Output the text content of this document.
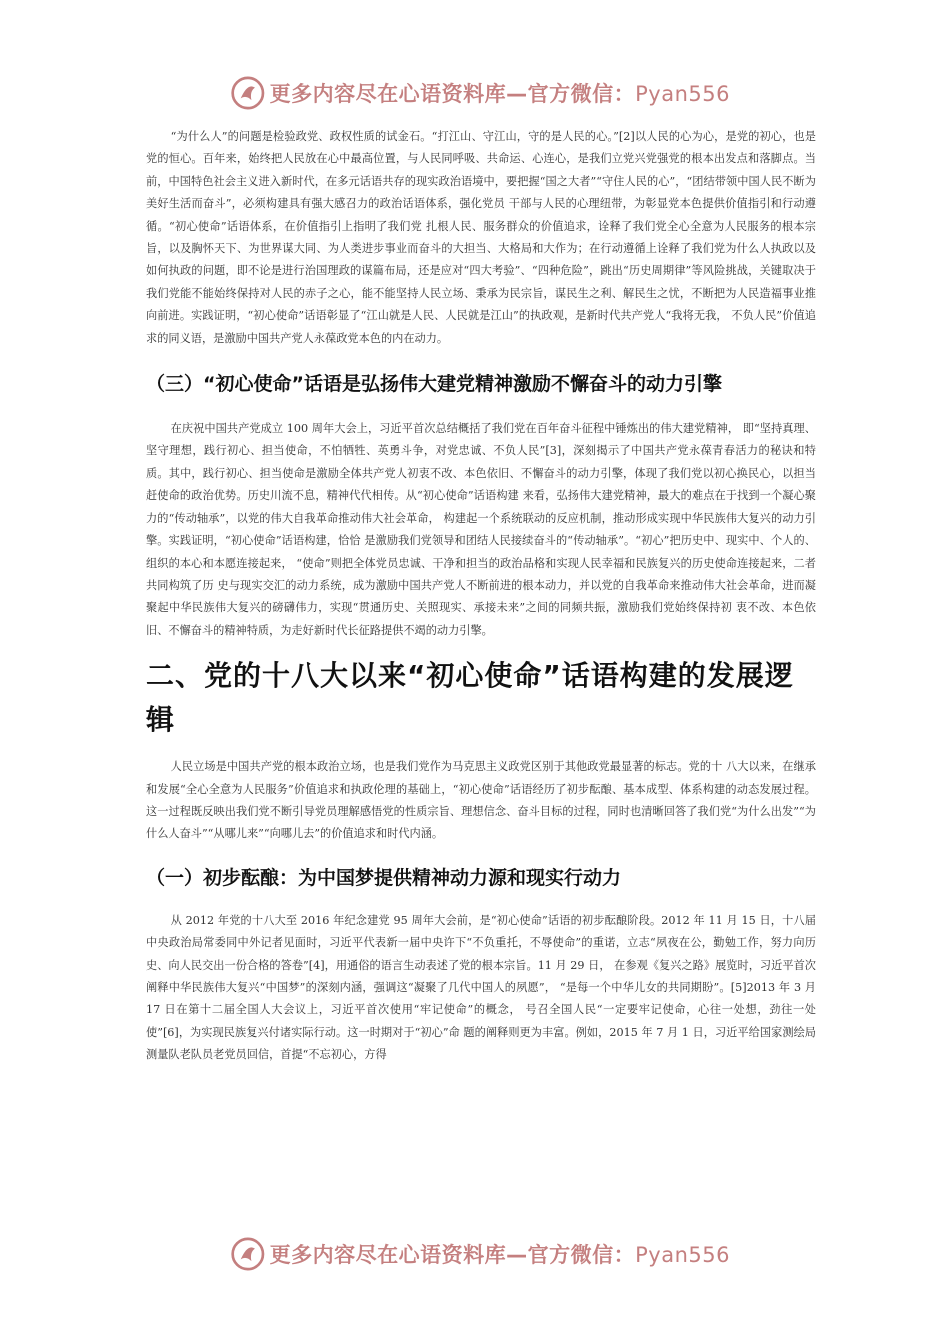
更多内容尽在心语资料库—官方微信：Pyan556

“为什么人”的问题是检验政党、政权性质的试金石。“打江山、守江山，守的是人民的心。”[2]以人民的心为心，是党的初心，也是党的恒心。百年来，始终把人民放在心中最高位置，与人民同呼吸、共命运、心连心，是我们立党兴党强党的根本出发点和落脚点。当前，中国特色社会主义进入新时代，在多元话语共存的现实政治语境中，要把握“国之大者”“守住人民的心”，“团结带领中国人民不断为美好生活而奋斗”，必须构建具有强大感召力的政治话语体系，强化党员 干部与人民的心理纽带，为彰显党本色提供价值指引和行动遵循。“初心使命”话语体系，在价值指引上指明了我们党 扎根人民、服务群众的价值追求，诠释了我们党全心全意为人民服务的根本宗旨，以及胸怀天下、为世界谋大同、为人类进步事业而奋斗的大担当、大格局和大作为；在行动遵循上诠释了我们党为什么人执政以及如何执政的问题，即不论是进行治国理政的谋篇布局，还是应对“四大考验”、“四种危险”，跳出“历史周期律”等风险挑战，关键取决于我们党能不能始终保持对人民的赤子之心，能不能坚持人民立场、秉承为民宗旨，谋民生之利、解民生之忧，不断把为人民造福事业推向前进。实践证明，“初心使命”话语彰显了“江山就是人民、人民就是江山”的执政观，是新时代共产党人“我将无我， 不负人民”价值追求的同义语，是激励中国共产党人永葆政党本色的内在动力。

（三）“初心使命”话语是弘扬伟大建党精神激励不懈奋斗的动力引擎

在庆祝中国共产党成立 100 周年大会上，习近平首次总结概括了我们党在百年奋斗征程中锤炼出的伟大建党精神， 即“坚持真理、坚守理想，践行初心、担当使命，不怕牺牲、英勇斗争，对党忠诚、不负人民”[3]，深刻揭示了中国共产党永葆青春活力的秘诀和特质。其中，践行初心、担当使命是激励全体共产党人初衷不改、本色依旧、不懈奋斗的动力引擎，体现了我们党以初心换民心，以担当赶使命的政治优势。历史川流不息，精神代代相传。从“初心使命”话语构建 来看，弘扬伟大建党精神，最大的难点在于找到一个凝心聚力的“传动轴承”，以党的伟大自我革命推动伟大社会革命， 构建起一个系统联动的反应机制，推动形成实现中华民族伟大复兴的动力引擎。实践证明，“初心使命”话语构建，恰恰 是激励我们党领导和团结人民接续奋斗的“传动轴承”。“初心”把历史中、现实中、个人的、组织的本心和本愿连接起来， “使命”则把全体党员忠诚、干净和担当的政治品格和实现人民幸福和民族复兴的历史使命连接起来，二者共同构筑了历 史与现实交汇的动力系统，成为激励中国共产党人不断前进的根本动力，并以党的自我革命来推动伟大社会革命，进而凝聚起中华民族伟大复兴的磅礴伟力，实现“贯通历史、关照现实、承接未来”之间的同频共振，激励我们党始终保持初 衷不改、本色依旧、不懈奋斗的精神特质，为走好新时代长征路提供不竭的动力引擎。

二、党的十八大以来“初心使命”话语构建的发展逻辑

人民立场是中国共产党的根本政治立场，也是我们党作为马克思主义政党区别于其他政党最显著的标志。党的十 八大以来，在继承和发展“全心全意为人民服务”价值追求和执政伦理的基础上，“初心使命”话语经历了初步酝酿、基本成型、体系构建的动态发展过程。这一过程既反映出我们党不断引导党员理解感悟党的性质宗旨、理想信念、奋斗目标的过程，同时也清晰回答了我们党“为什么出发”“为什么人奋斗”“从哪儿来”“向哪儿去”的价值追求和时代内涵。

（一）初步酝酿：为中国梦提供精神动力源和现实行动力

从 2012 年党的十八大至 2016 年纪念建党 95 周年大会前，是“初心使命”话语的初步酝酿阶段。2012 年 11 月 15 日，十八届中央政治局常委同中外记者见面时，习近平代表新一届中央许下“不负重托，不辱使命”的重诺，立志“夙夜在公，勤勉工作，努力向历史、向人民交出一份合格的答卷”[4]，用通俗的语言生动表述了党的根本宗旨。11 月 29 日， 在参观《复兴之路》展览时，习近平首次阐释中华民族伟大复兴“中国梦”的深刻内涵，强调这“凝聚了几代中国人的夙愿”， “是每一个中华儿女的共同期盼”。[5]2013 年 3 月 17 日在第十二届全国人大会议上，习近平首次使用“牢记使命”的概念， 号召全国人民“一定要牢记使命，心往一处想，劲往一处使”[6]，为实现民族复兴付诸实际行动。这一时期对于“初心”命 题的阐释则更为丰富。例如，2015 年 7 月 1 日，习近平给国家测绘局测量队老队员老党员回信，首提“不忘初心，方得

更多内容尽在心语资料库—官方微信：Pyan556
